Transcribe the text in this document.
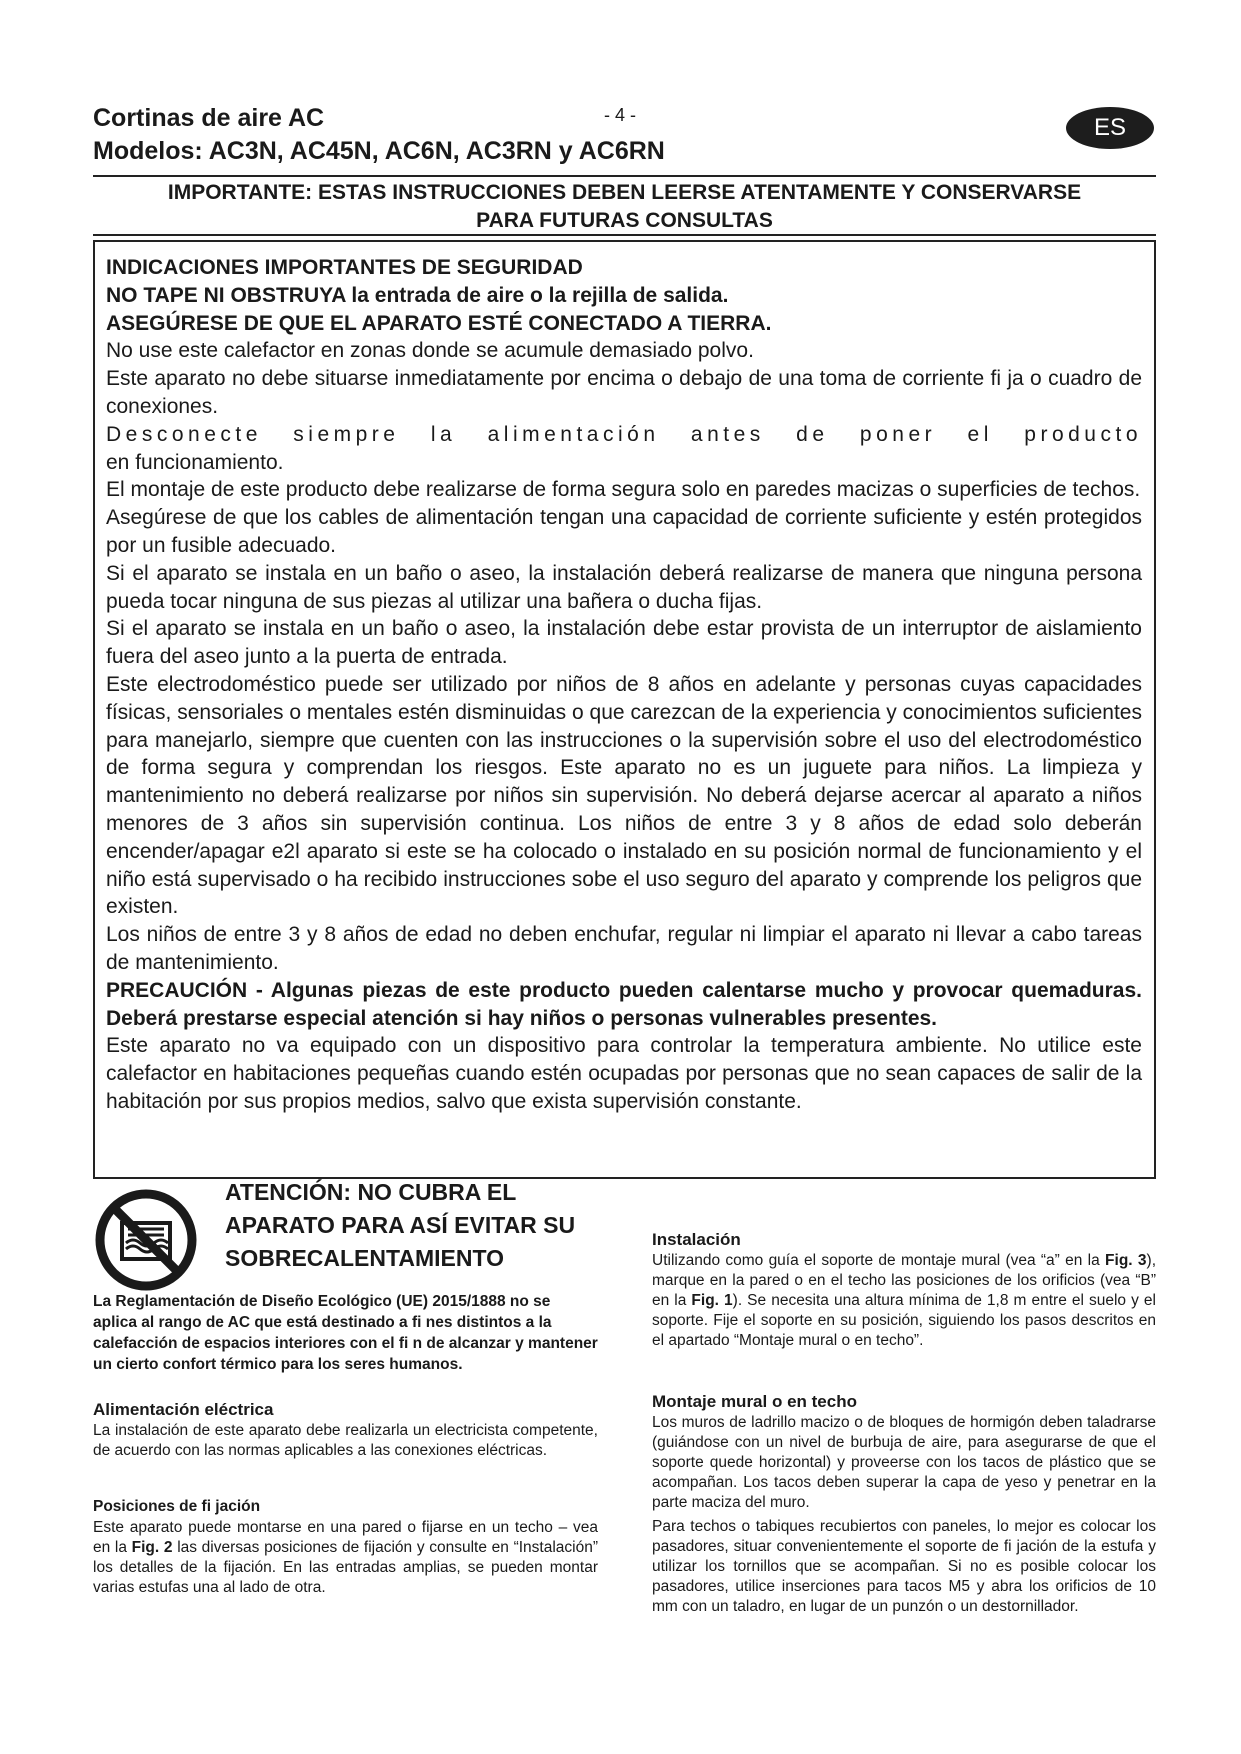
Cortinas de aire AC
Modelos: AC3N, AC45N, AC6N, AC3RN y AC6RN
- 4 -	ES
IMPORTANTE: ESTAS INSTRUCCIONES DEBEN LEERSE ATENTAMENTE Y CONSERVARSE
PARA FUTURAS CONSULTAS

INDICACIONES IMPORTANTES DE SEGURIDAD

NO TAPE NI OBSTRUYA la entrada de aire o la rejilla de salida.

ASEGÚRESE DE QUE EL APARATO ESTÉ CONECTADO A TIERRA.

No use este calefactor en zonas donde se acumule demasiado polvo.

Este aparato no debe situarse inmediatamente por encima o debajo de una toma de corriente fi ja o cuadro de conexiones.

Desconecte siempre la alimentación antes de poner el producto

en funcionamiento.

El montaje de este producto debe realizarse de forma segura solo en paredes macizas o superficies de techos.

Asegúrese de que los cables de alimentación tengan una capacidad de corriente suficiente y estén protegidos por un fusible adecuado.

Si el aparato se instala en un baño o aseo, la instalación deberá realizarse de manera que ninguna persona pueda tocar ninguna de sus piezas al utilizar una bañera o ducha fijas.

Si el aparato se instala en un baño o aseo, la instalación debe estar provista de un interruptor de aislamiento fuera del aseo junto a la puerta de entrada.

Este electrodoméstico puede ser utilizado por niños de 8 años en adelante y personas cuyas capacidades físicas, sensoriales o mentales estén disminuidas o que carezcan de la experiencia y conocimientos suficientes para manejarlo, siempre que cuenten con las instrucciones o la supervisión sobre el uso del electrodoméstico de forma segura y comprendan los riesgos. Este aparato no es un juguete para niños. La limpieza y mantenimiento no deberá realizarse por niños sin supervisión. No deberá dejarse acercar al aparato a niños menores de 3 años sin supervisión continua. Los niños de entre 3 y 8 años de edad solo deberán encender/apagar e2l aparato si este se ha colocado o instalado en su posición normal de funcionamiento y el niño está supervisado o ha recibido instrucciones sobe el uso seguro del aparato y comprende los peligros que existen.

Los niños de entre 3 y 8 años de edad no deben enchufar, regular ni limpiar el aparato ni llevar a cabo tareas de mantenimiento.

PRECAUCIÓN - Algunas piezas de este producto pueden calentarse mucho y provocar quemaduras. Deberá prestarse especial atención si hay niños o personas vulnerables presentes.

Este aparato no va equipado con un dispositivo para controlar la temperatura ambiente. No utilice este calefactor en habitaciones pequeñas cuando estén ocupadas por personas que no sean capaces de salir de la habitación por sus propios medios, salvo que exista supervisión constante.

ATENCIÓN: NO CUBRA EL
APARATO PARA ASÍ EVITAR SU
SOBRECALENTAMIENTO
La Reglamentación de Diseño Ecológico (UE) 2015/1888 no se aplica al rango de AC que está destinado a fi nes distintos a la calefacción de espacios interiores con el fi n de alcanzar y mantener un cierto confort térmico para los seres humanos.
Alimentación eléctrica

La instalación de este aparato debe realizarla un electricista competente, de acuerdo con las normas aplicables a las conexiones eléctricas.

Posiciones de fi jación

Este aparato puede montarse en una pared o fijarse en un techo – vea en la Fig. 2 las diversas posiciones de fijación y consulte en “Instalación” los detalles de la fijación. En las entradas amplias, se pueden montar varias estufas una al lado de otra.

Instalación

Utilizando como guía el soporte de montaje mural (vea “a” en la Fig. 3), marque en la pared o en el techo las posiciones de los orificios (vea “B” en la Fig. 1). Se necesita una altura mínima de 1,8 m entre el suelo y el soporte. Fije el soporte en su posición, siguiendo los pasos descritos en el apartado “Montaje mural o en techo”.

Montaje mural o en techo

Los muros de ladrillo macizo o de bloques de hormigón deben taladrarse (guiándose con un nivel de burbuja de aire, para asegurarse de que el soporte quede horizontal) y proveerse con los tacos de plástico que se acompañan. Los tacos deben superar la capa de yeso y penetrar en la parte maciza del muro.

Para techos o tabiques recubiertos con paneles, lo mejor es colocar los pasadores, situar convenientemente el soporte de fi jación de la estufa y utilizar los tornillos que se acompañan. Si no es posible colocar los pasadores, utilice inserciones para tacos M5 y abra los orificios de 10 mm con un taladro, en lugar de un punzón o un destornillador.
